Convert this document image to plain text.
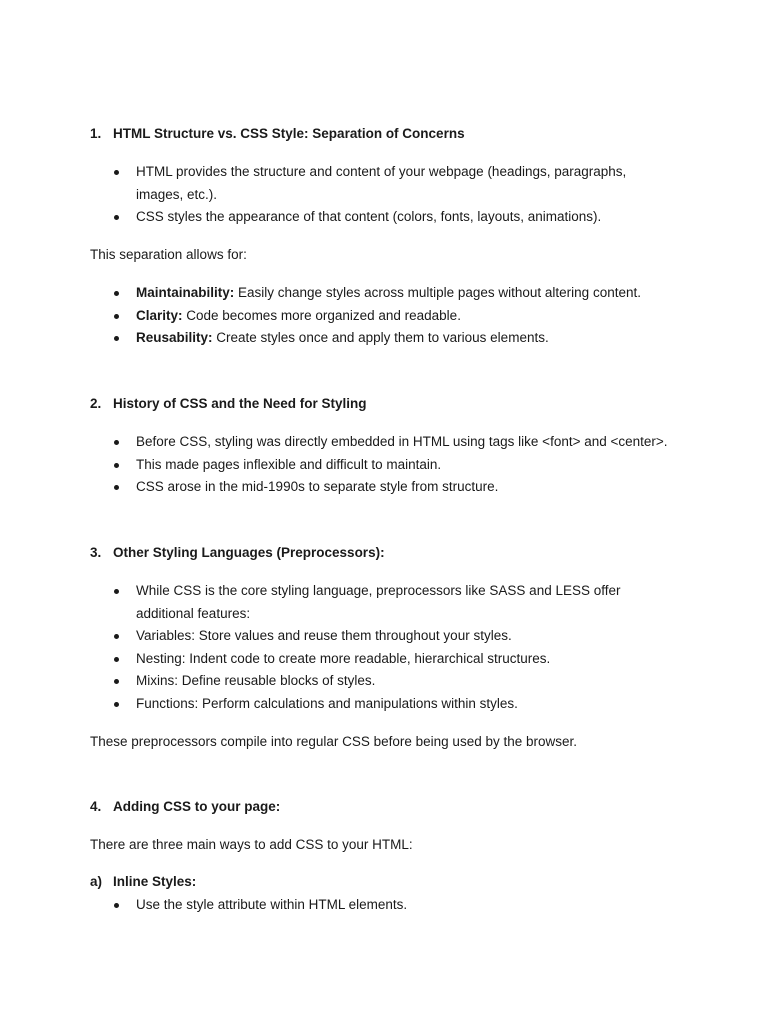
1. HTML Structure vs. CSS Style: Separation of Concerns
HTML provides the structure and content of your webpage (headings, paragraphs, images, etc.).
CSS styles the appearance of that content (colors, fonts, layouts, animations).
This separation allows for:
Maintainability: Easily change styles across multiple pages without altering content.
Clarity: Code becomes more organized and readable.
Reusability: Create styles once and apply them to various elements.
2. History of CSS and the Need for Styling
Before CSS, styling was directly embedded in HTML using tags like <font> and <center>.
This made pages inflexible and difficult to maintain.
CSS arose in the mid-1990s to separate style from structure.
3. Other Styling Languages (Preprocessors):
While CSS is the core styling language, preprocessors like SASS and LESS offer additional features:
Variables: Store values and reuse them throughout your styles.
Nesting: Indent code to create more readable, hierarchical structures.
Mixins: Define reusable blocks of styles.
Functions: Perform calculations and manipulations within styles.
These preprocessors compile into regular CSS before being used by the browser.
4. Adding CSS to your page:
There are three main ways to add CSS to your HTML:
a) Inline Styles:
Use the style attribute within HTML elements.
